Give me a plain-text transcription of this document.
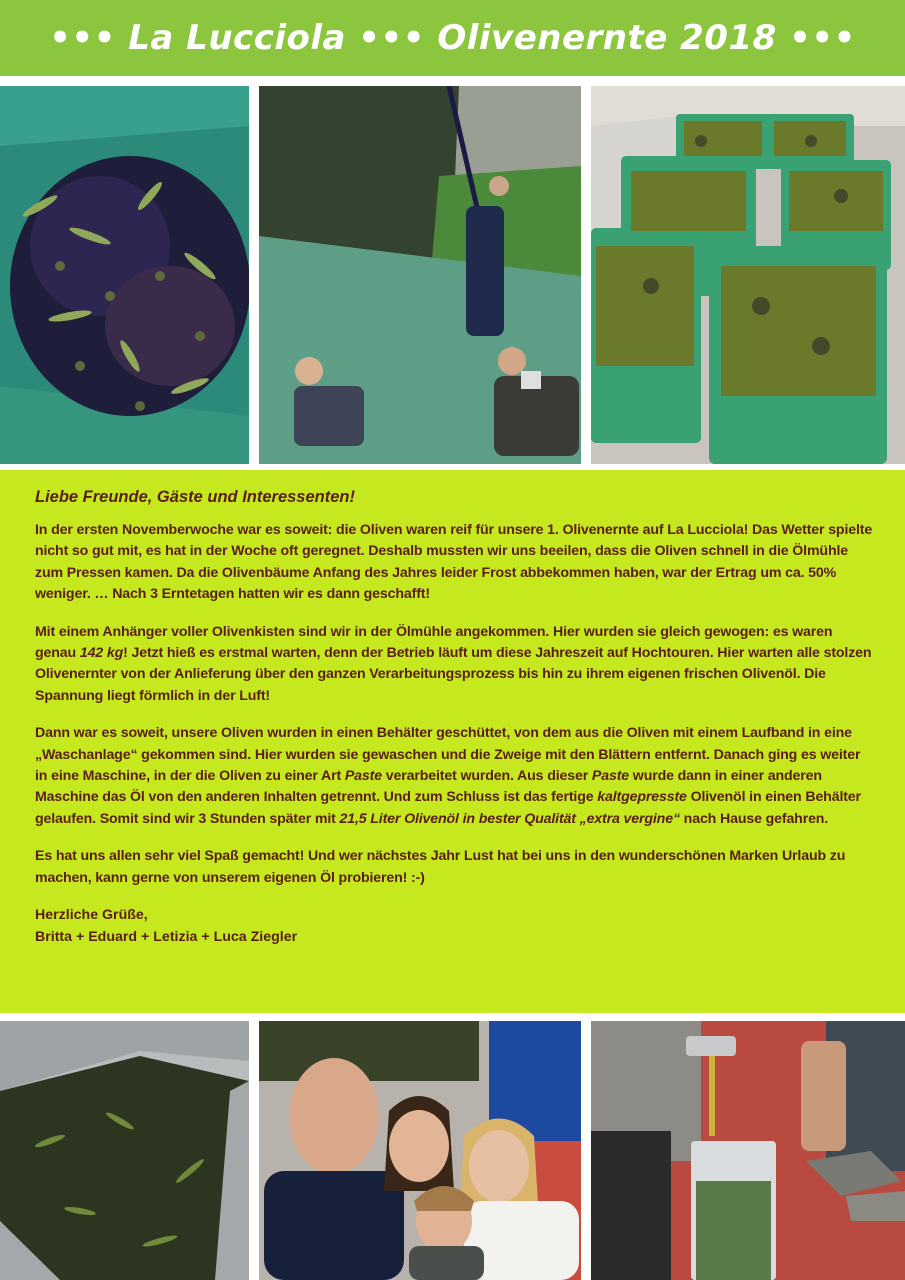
••• La Lucciola ••• Olivenernte 2018 •••

Liebe Freunde, Gäste und Interessenten!

In der ersten Novemberwoche war es soweit: die Oliven waren reif für unsere 1. Olivenernte auf La Lucciola! Das Wetter spielte nicht so gut mit, es hat in der Woche oft geregnet. Deshalb mussten wir uns beeilen, dass die Oliven schnell in die Ölmühle zum Pressen kamen. Da die Olivenbäume Anfang des Jahres leider Frost abbekommen haben, war der Ertrag um ca. 50% weniger. … Nach 3 Erntetagen hatten wir es dann geschafft!

Mit einem Anhänger voller Olivenkisten sind wir in der Ölmühle angekommen. Hier wurden sie gleich gewogen: es waren genau 142 kg! Jetzt hieß es erstmal warten, denn der Betrieb läuft um diese Jahreszeit auf Hochtouren. Hier warten alle stolzen Olivenernter von der Anlieferung über den ganzen Verarbeitungsprozess bis hin zu ihrem eigenen frischen Olivenöl. Die Spannung liegt förmlich in der Luft!

Dann war es soweit, unsere Oliven wurden in einen Behälter geschüttet, von dem aus die Oliven mit einem Laufband in eine „Waschanlage“ gekommen sind. Hier wurden sie gewaschen und die Zweige mit den Blättern entfernt. Danach ging es weiter in eine Maschine, in der die Oliven zu einer Art Paste verarbeitet wurden. Aus dieser Paste wurde dann in einer anderen Maschine das Öl von den anderen Inhalten getrennt. Und zum Schluss ist das fertige kaltgepresste Olivenöl in einen Behälter gelaufen. Somit sind wir 3 Stunden später mit 21,5 Liter Olivenöl in bester Qualität „extra vergine“ nach Hause gefahren.

Es hat uns allen sehr viel Spaß gemacht! Und wer nächstes Jahr Lust hat bei uns in den wunderschönen Marken Urlaub zu machen, kann gerne von unserem eigenen Öl probieren! :-)

Herzliche Grüße,

Britta + Eduard + Letizia + Luca Ziegler
